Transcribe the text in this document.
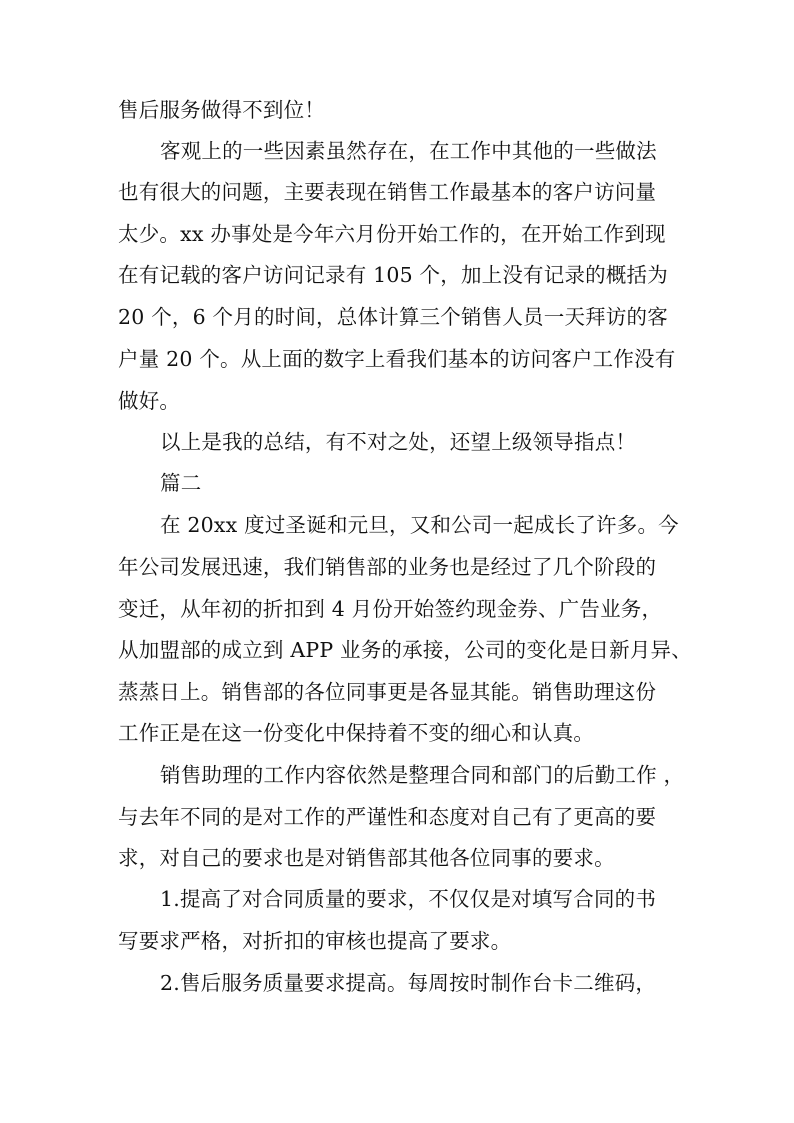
售后服务做得不到位！
客观上的一些因素虽然存在，在工作中其他的一些做法
也有很大的问题，主要表现在销售工作最基本的客户访问量
太少。xx 办事处是今年六月份开始工作的，在开始工作到现
在有记载的客户访问记录有 105 个，加上没有记录的概括为
20 个，6 个月的时间，总体计算三个销售人员一天拜访的客
户量 20 个。从上面的数字上看我们基本的访问客户工作没有
做好。
以上是我的总结，有不对之处，还望上级领导指点！
篇二
在 20xx 度过圣诞和元旦，又和公司一起成长了许多。今
年公司发展迅速，我们销售部的业务也是经过了几个阶段的
变迁，从年初的折扣到 4 月份开始签约现金券、广告业务，
从加盟部的成立到 APP 业务的承接，公司的变化是日新月异、
蒸蒸日上。销售部的各位同事更是各显其能。销售助理这份
工作正是在这一份变化中保持着不变的细心和认真。
销售助理的工作内容依然是整理合同和部门的后勤工作 ，
与去年不同的是对工作的严谨性和态度对自己有了更高的要
求，对自己的要求也是对销售部其他各位同事的要求。
1.提高了对合同质量的要求，不仅仅是对填写合同的书
写要求严格，对折扣的审核也提高了要求。
2.售后服务质量要求提高。每周按时制作台卡二维码，
